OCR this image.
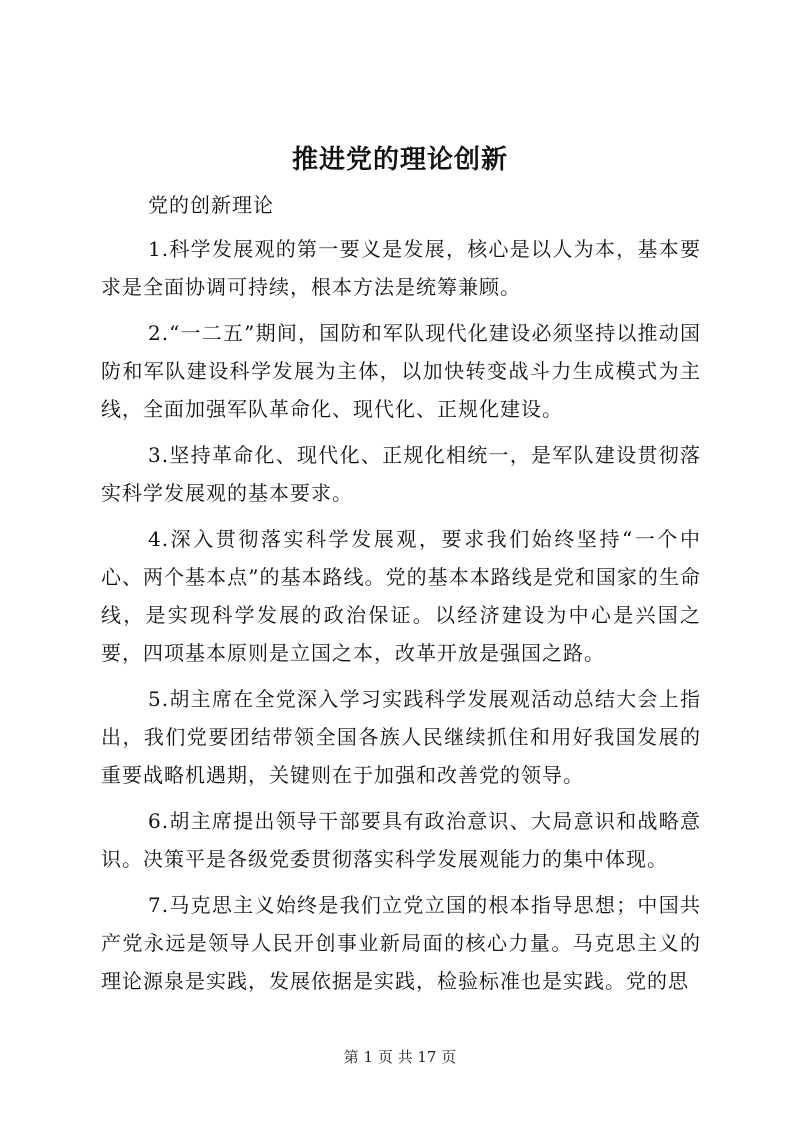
推进党的理论创新

党的创新理论

1.科学发展观的第一要义是发展，核心是以人为本，基本要求是全面协调可持续，根本方法是统筹兼顾。

2.“一二五”期间，国防和军队现代化建设必须坚持以推动国防和军队建设科学发展为主体，以加快转变战斗力生成模式为主线，全面加强军队革命化、现代化、正规化建设。

3.坚持革命化、现代化、正规化相统一，是军队建设贯彻落实科学发展观的基本要求。

4.深入贯彻落实科学发展观，要求我们始终坚持“一个中心、两个基本点”的基本路线。党的基本本路线是党和国家的生命线，是实现科学发展的政治保证。以经济建设为中心是兴国之要，四项基本原则是立国之本，改革开放是强国之路。

5.胡主席在全党深入学习实践科学发展观活动总结大会上指出，我们党要团结带领全国各族人民继续抓住和用好我国发展的重要战略机遇期，关键则在于加强和改善党的领导。

6.胡主席提出领导干部要具有政治意识、大局意识和战略意识。决策平是各级党委贯彻落实科学发展观能力的集中体现。

7.马克思主义始终是我们立党立国的根本指导思想；中国共产党永远是领导人民开创事业新局面的核心力量。马克思主义的理论源泉是实践，发展依据是实践，检验标准也是实践。党的思

第 1 页 共 17 页
